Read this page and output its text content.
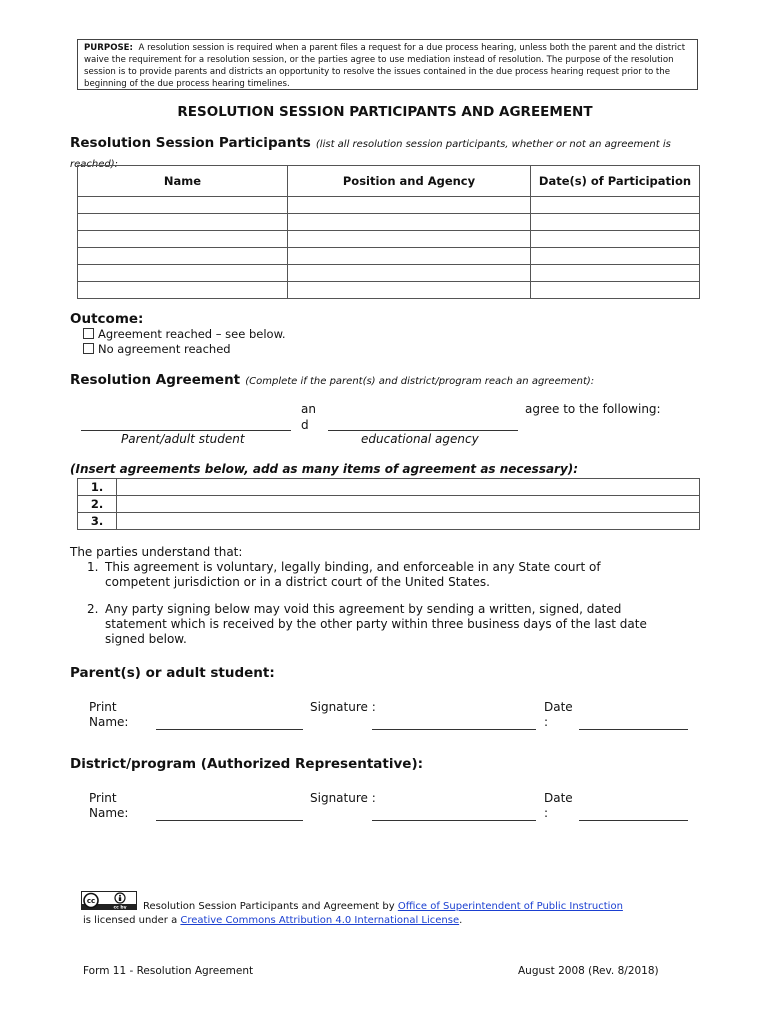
PURPOSE: A resolution session is required when a parent files a request for a due process hearing, unless both the parent and the district waive the requirement for a resolution session, or the parties agree to use mediation instead of resolution. The purpose of the resolution session is to provide parents and districts an opportunity to resolve the issues contained in the due process hearing request prior to the beginning of the due process hearing timelines.
RESOLUTION SESSION PARTICIPANTS AND AGREEMENT
Resolution Session Participants (list all resolution session participants, whether or not an agreement is reached):
Name	Position and Agency	Date(s) of Participation

Outcome:
Agreement reached – see below.
No agreement reached
Resolution Agreement (Complete if the parent(s) and district/program reach an agreement):
and
agree to the following:
Parent/adult student	educational agency
(Insert agreements below, add as many items of agreement as necessary):
1.	
2.	
3.	
The parties understand that:
1. This agreement is voluntary, legally binding, and enforceable in any State court of competent jurisdiction or in a district court of the United States.
2. Any party signing below may void this agreement by sending a written, signed, dated statement which is received by the other party within three business days of the last date signed below.
Parent(s) or adult student:
Print Name:
Signature :	Date :
District/program (Authorized Representative):
Print Name:
Signature :	Date :
cc
cc by Resolution Session Participants and Agreement by Office of Superintendent of Public Instruction
is licensed under a Creative Commons Attribution 4.0 International License.
Form 11 - Resolution Agreement	August 2008 (Rev. 8/2018)
